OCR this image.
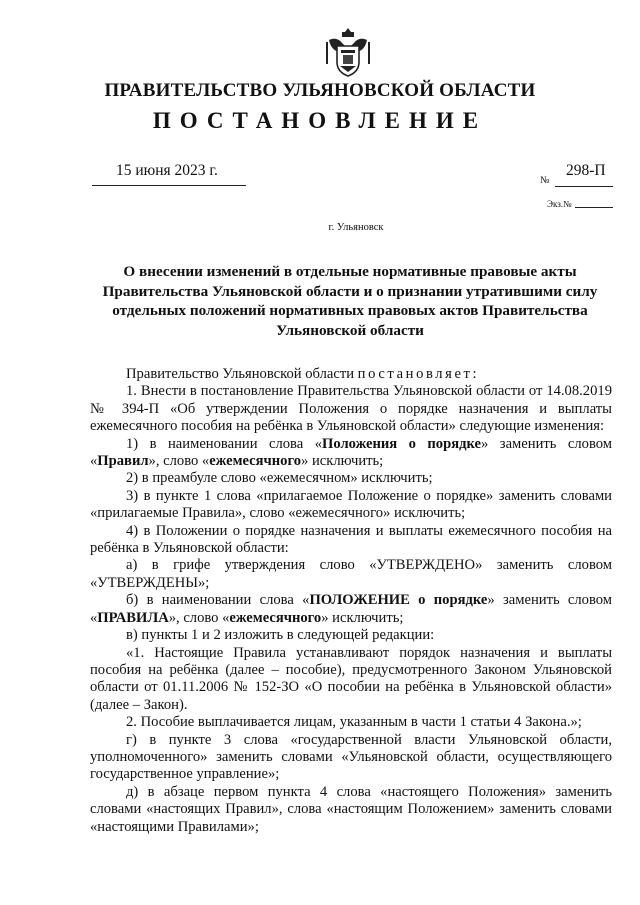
ПРАВИТЕЛЬСТВО УЛЬЯНОВСКОЙ ОБЛАСТИ
ПОСТАНОВЛЕНИЕ
15 июня 2023 г.	298-П
№
Экз.№
г. Ульяновск
О внесении изменений в отдельные нормативные правовые акты Правительства Ульяновской области и о признании утратившими силу отдельных положений нормативных правовых актов Правительства Ульяновской области

Правительство Ульяновской области постановляет:

1. Внести в постановление Правительства Ульяновской области от 14.08.2019 № 394-П «Об утверждении Положения о порядке назначения и выплаты ежемесячного пособия на ребёнка в Ульяновской области» следующие изменения:

1) в наименовании слова «Положения о порядке» заменить словом «Правил», слово «ежемесячного» исключить;

2) в преамбуле слово «ежемесячном» исключить;

3) в пункте 1 слова «прилагаемое Положение о порядке» заменить словами «прилагаемые Правила», слово «ежемесячного» исключить;

4) в Положении о порядке назначения и выплаты ежемесячного пособия на ребёнка в Ульяновской области:

а) в грифе утверждения слово «УТВЕРЖДЕНО» заменить словом «УТВЕРЖДЕНЫ»;

б) в наименовании слова «ПОЛОЖЕНИЕ о порядке» заменить словом «ПРАВИЛА», слово «ежемесячного» исключить;

в) пункты 1 и 2 изложить в следующей редакции:

«1. Настоящие Правила устанавливают порядок назначения и выплаты пособия на ребёнка (далее – пособие), предусмотренного Законом Ульяновской области от 01.11.2006 № 152-ЗО «О пособии на ребёнка в Ульяновской области» (далее – Закон).

2. Пособие выплачивается лицам, указанным в части 1 статьи 4 Закона.»;

г) в пункте 3 слова «государственной власти Ульяновской области, уполномоченного» заменить словами «Ульяновской области, осуществляющего государственное управление»;

д) в абзаце первом пункта 4 слова «настоящего Положения» заменить словами «настоящих Правил», слова «настоящим Положением» заменить словами «настоящими Правилами»;
